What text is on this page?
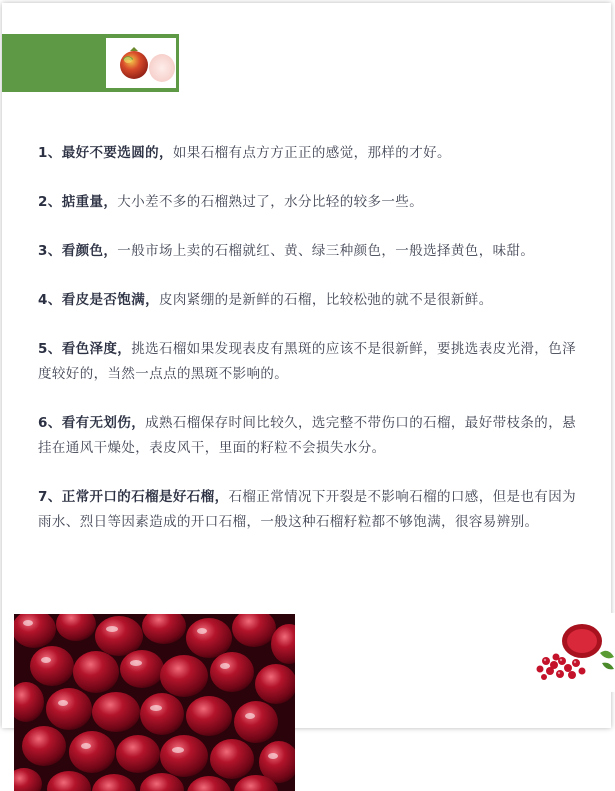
1、最好不要选圆的，如果石榴有点方方正正的感觉，那样的才好。

2、掂重量，大小差不多的石榴熟过了，水分比轻的较多一些。

3、看颜色，一般市场上卖的石榴就红、黄、绿三种颜色，一般选择黄色，味甜。

4、看皮是否饱满，皮肉紧绷的是新鲜的石榴，比较松弛的就不是很新鲜。

5、看色泽度，挑选石榴如果发现表皮有黑斑的应该不是很新鲜，要挑选表皮光滑，色泽度较好的，当然一点点的黑斑不影响的。

6、看有无划伤，成熟石榴保存时间比较久，选完整不带伤口的石榴，最好带枝条的，悬挂在通风干燥处，表皮风干，里面的籽粒不会损失水分。

7、正常开口的石榴是好石榴，石榴正常情况下开裂是不影响石榴的口感，但是也有因为雨水、烈日等因素造成的开口石榴，一般这种石榴籽粒都不够饱满，很容易辨别。
